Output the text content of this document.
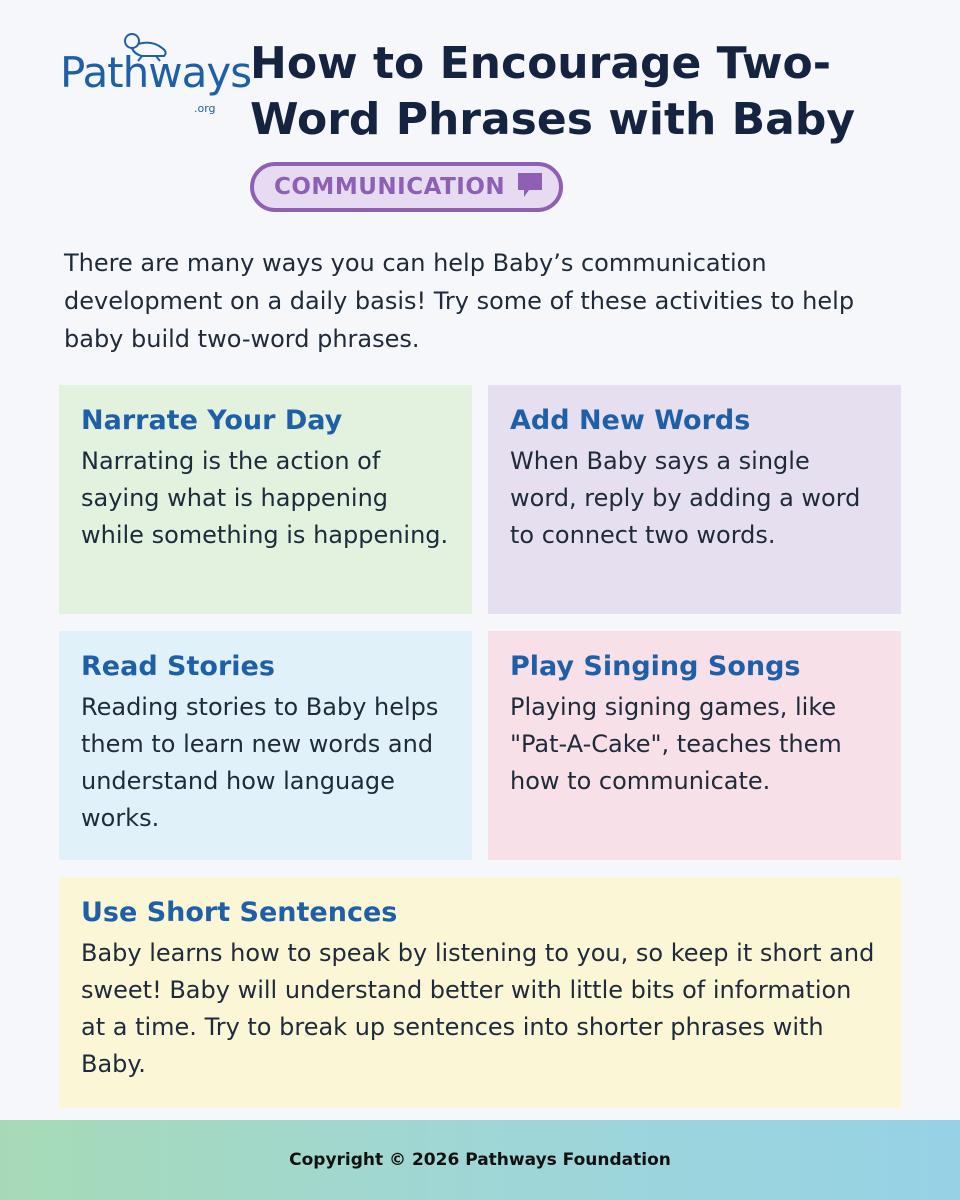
Pathways
.org
How to Encourage Two-Word Phrases with Baby
COMMUNICATION

There are many ways you can help Baby’s communication development on a daily basis! Try some of these activities to help baby build two-word phrases.

Narrate Your Day

Narrating is the action of saying what is happening while something is happening.

Add New Words

When Baby says a single word, reply by adding a word to connect two words.

Read Stories

Reading stories to Baby helps them to learn new words and understand how language works.

Play Singing Songs

Playing signing games, like "Pat-A-Cake", teaches them how to communicate.

Use Short Sentences

Baby learns how to speak by listening to you, so keep it short and sweet! Baby will understand better with little bits of information at a time. Try to break up sentences into shorter phrases with Baby.

Copyright © 2026 Pathways Foundation
